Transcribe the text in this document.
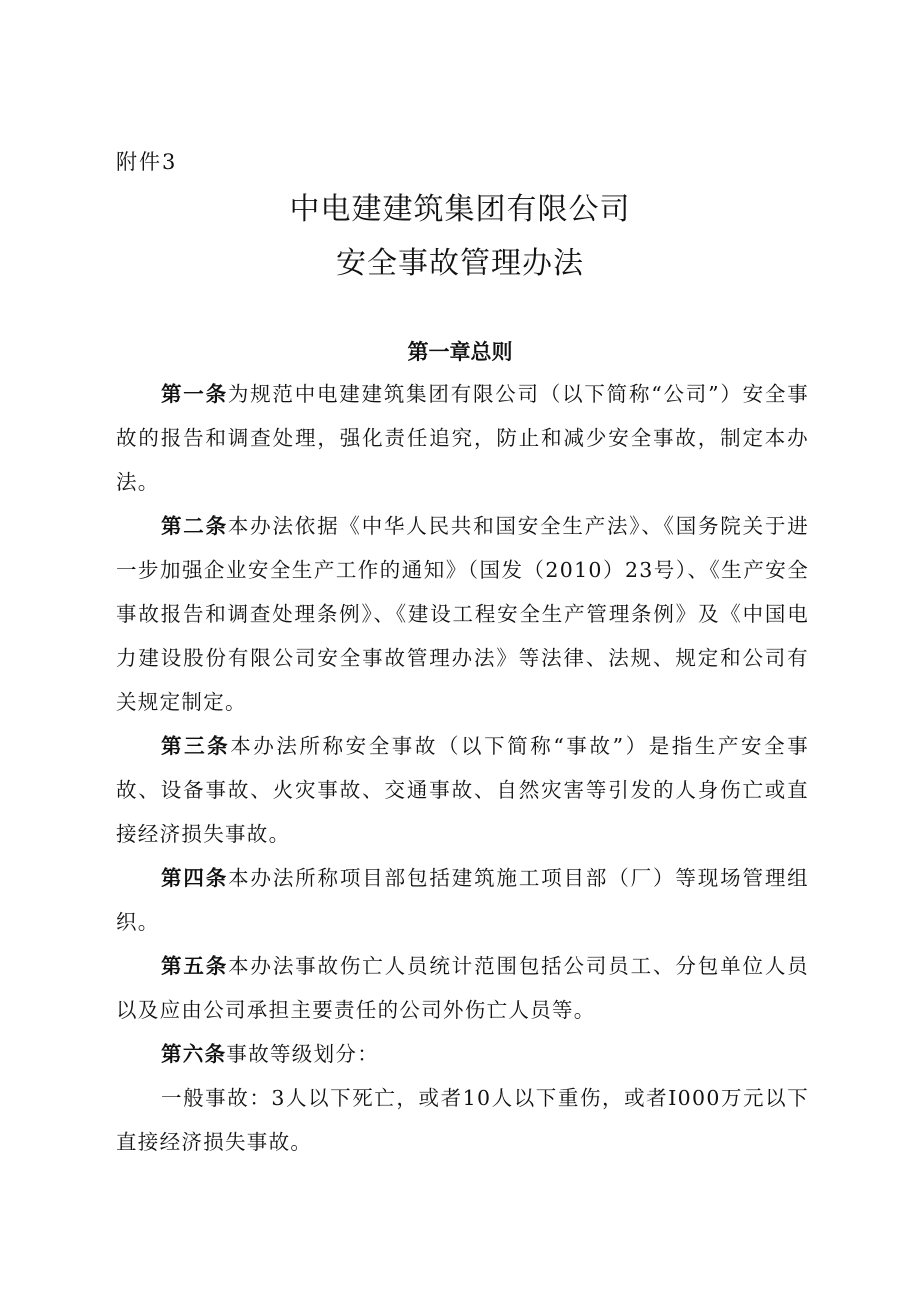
附件3
中电建建筑集团有限公司
安全事故管理办法
第一章总则

第一条为规范中电建建筑集团有限公司（以下简称“公司”）安全事故的报告和调查处理，强化责任追究，防止和减少安全事故，制定本办法。

第二条本办法依据《中华人民共和国安全生产法》、《国务院关于进一步加强企业安全生产工作的通知》（国发（2010）23号）、《生产安全事故报告和调查处理条例》、《建设工程安全生产管理条例》及《中国电力建设股份有限公司安全事故管理办法》等法律、法规、规定和公司有关规定制定。

第三条本办法所称安全事故（以下简称“事故”）是指生产安全事故、设备事故、火灾事故、交通事故、自然灾害等引发的人身伤亡或直接经济损失事故。

第四条本办法所称项目部包括建筑施工项目部（厂）等现场管理组织。

第五条本办法事故伤亡人员统计范围包括公司员工、分包单位人员以及应由公司承担主要责任的公司外伤亡人员等。

第六条事故等级划分：

一般事故：3人以下死亡，或者10人以下重伤，或者I000万元以下直接经济损失事故。
